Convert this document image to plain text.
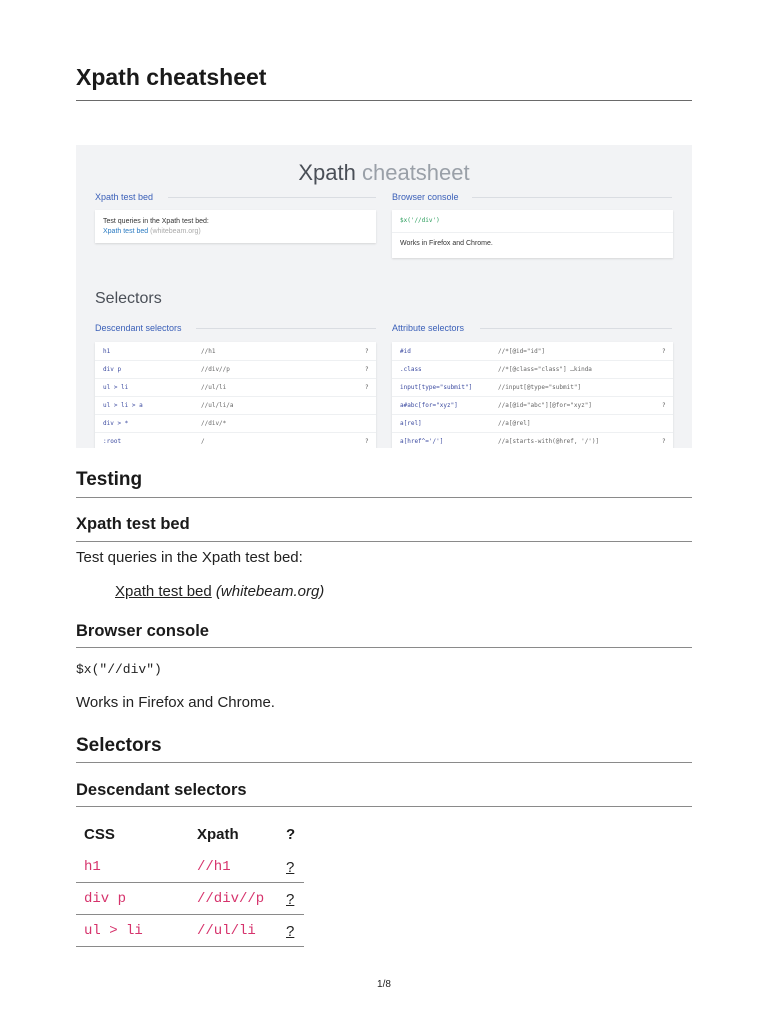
Xpath cheatsheet
Xpath cheatsheet
Xpath test bed	Browser console
Test queries in the Xpath test bed:
Xpath test bed (whitebeam.org)
$x('//div')
Works in Firefox and Chrome.
Selectors
Descendant selectors	Attribute selectors
h1	//h1	?
div p	//div//p	?
ul > li	//ul/li	?
ul > li > a	//ul/li/a
div > *	//div/*
:root	/	?
#id	//*[@id="id"]	?
.class	//*[@class="class"] …kinda
input[type="submit"]	//input[@type="submit"]
a#abc[for="xyz"]	//a[@id="abc"][@for="xyz"]	?
a[rel]	//a[@rel]
a[href^='/']	//a[starts-with(@href, '/')]	?
Testing
Xpath test bed

Test queries in the Xpath test bed:

Xpath test bed (whitebeam.org)

Browser console

$x("//div")

Works in Firefox and Chrome.

Selectors
Descendant selectors
CSS	Xpath	?
h1	//h1	?
div p	//div//p ?
ul > li	//ul/li ?
1/8
